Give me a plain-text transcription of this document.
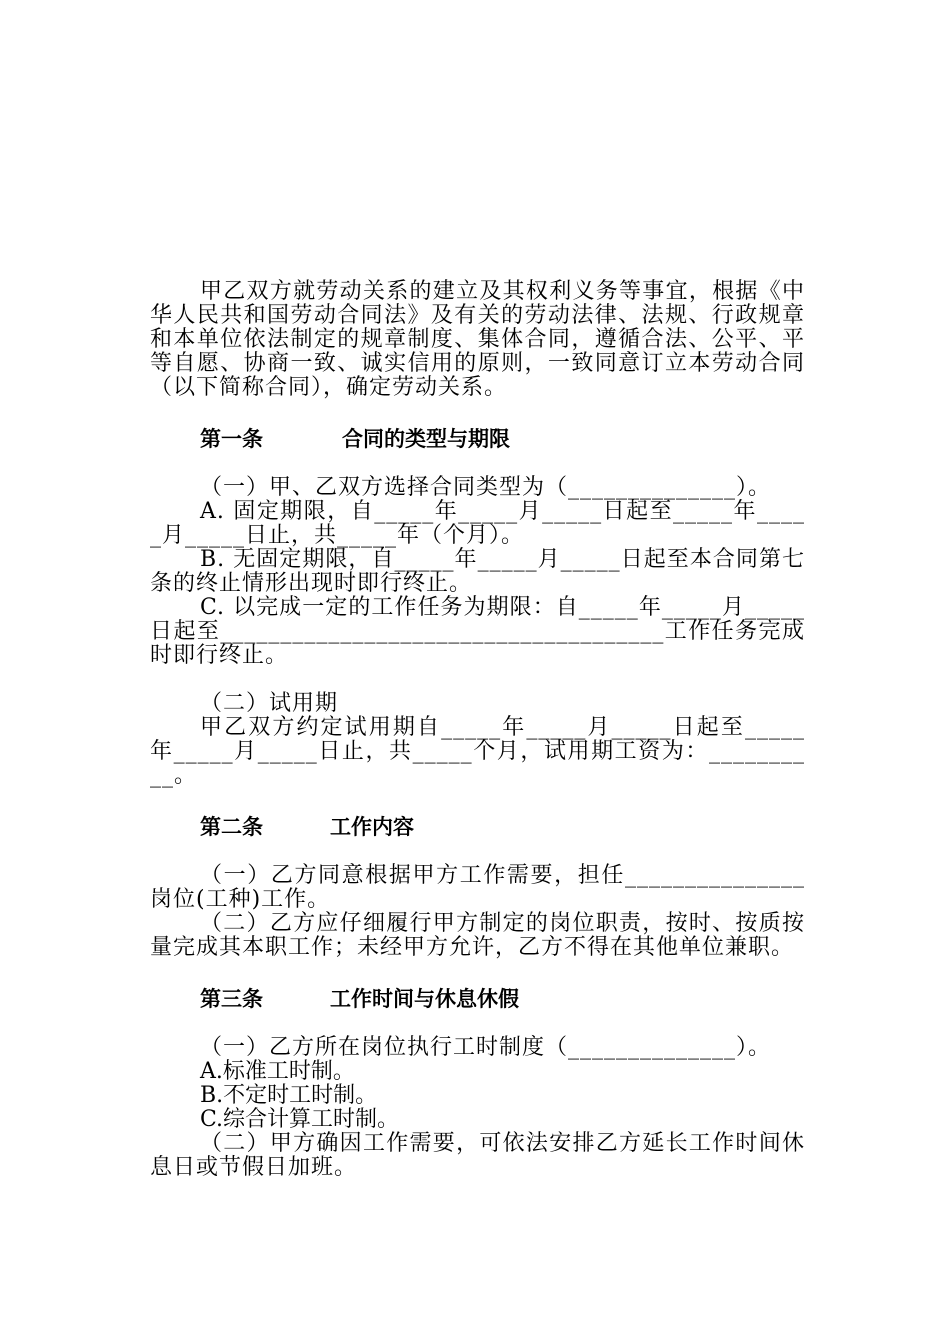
甲乙双方就劳动关系的建立及其权利义务等事宜，根据《中华人民共和国劳动合同法》及有关的劳动法律、法规、行政规章和本单位依法制定的规章制度、集体合同，遵循合法、公平、平等自愿、协商一致、诚实信用的原则，一致同意订立本劳动合同（以下简称合同），确定劳动关系。

第一条	合同的类型与期限

（一）甲、乙双方选择合同类型为（______________）。

A. 固定期限，自_____年_____月_____日起至_____年_____月_____日止，共_____年（个月）。

B. 无固定期限，自_____年_____月_____日起至本合同第七条的终止情形出现时即行终止。

C. 以完成一定的工作任务为期限：自_____年_____月_____日起至_____________________________________工作任务完成时即行终止。

（二）试用期

甲乙双方约定试用期自_____年_____月_____日起至_____年_____月_____日止，共_____个月，试用期工资为：__________。

第二条	工作内容

（一）乙方同意根据甲方工作需要，担任_______________岗位(工种)工作。

（二）乙方应仔细履行甲方制定的岗位职责，按时、按质按量完成其本职工作；未经甲方允许，乙方不得在其他单位兼职。

第三条	工作时间与休息休假

（一）乙方所在岗位执行工时制度（______________）。

A.标准工时制。

B.不定时工时制。

C.综合计算工时制。

（二）甲方确因工作需要，可依法安排乙方延长工作时间休息日或节假日加班。
